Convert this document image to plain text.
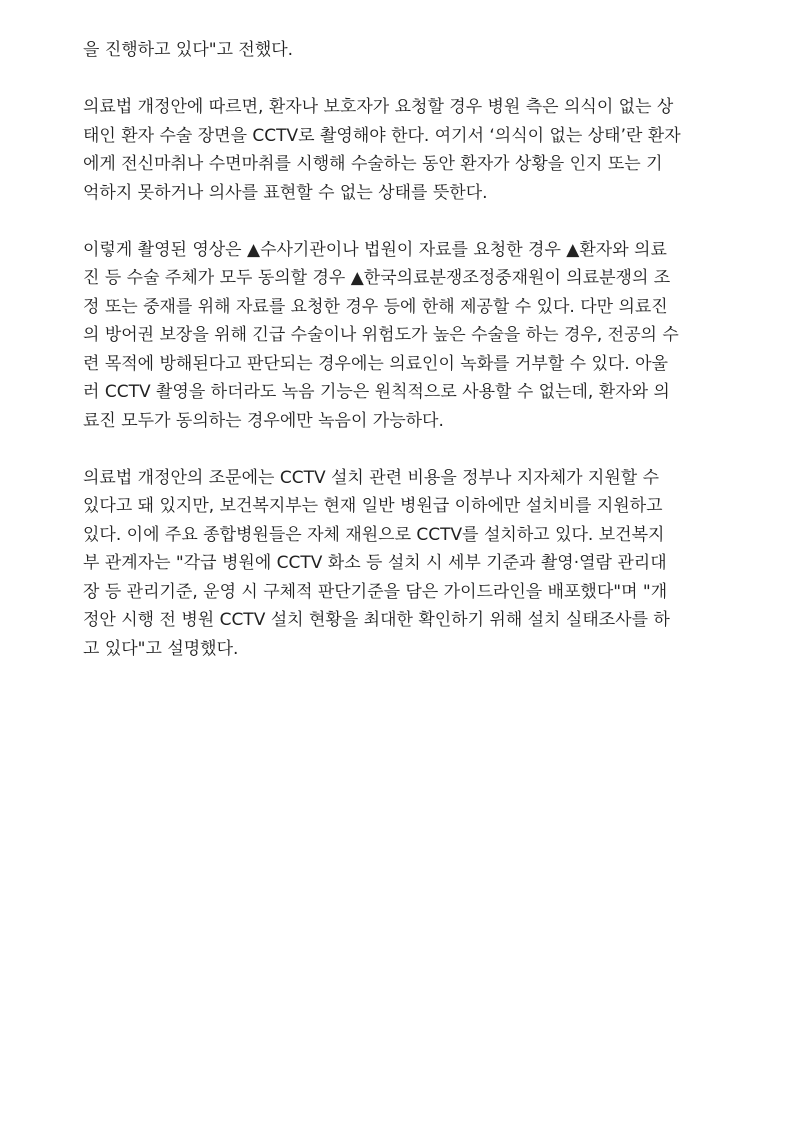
을 진행하고 있다"고 전했다.

의료법 개정안에 따르면, 환자나 보호자가 요청할 경우 병원 측은 의식이 없는 상
태인 환자 수술 장면을 CCTV로 촬영해야 한다. 여기서 ‘의식이 없는 상태’란 환자
에게 전신마취나 수면마취를 시행해 수술하는 동안 환자가 상황을 인지 또는 기
억하지 못하거나 의사를 표현할 수 없는 상태를 뜻한다.

이렇게 촬영된 영상은 ▲수사기관이나 법원이 자료를 요청한 경우 ▲환자와 의료
진 등 수술 주체가 모두 동의할 경우 ▲한국의료분쟁조정중재원이 의료분쟁의 조
정 또는 중재를 위해 자료를 요청한 경우 등에 한해 제공할 수 있다. 다만 의료진
의 방어권 보장을 위해 긴급 수술이나 위험도가 높은 수술을 하는 경우, 전공의 수
련 목적에 방해된다고 판단되는 경우에는 의료인이 녹화를 거부할 수 있다. 아울
러 CCTV 촬영을 하더라도 녹음 기능은 원칙적으로 사용할 수 없는데, 환자와 의
료진 모두가 동의하는 경우에만 녹음이 가능하다.

의료법 개정안의 조문에는 CCTV 설치 관련 비용을 정부나 지자체가 지원할 수
있다고 돼 있지만, 보건복지부는 현재 일반 병원급 이하에만 설치비를 지원하고
있다. 이에 주요 종합병원들은 자체 재원으로 CCTV를 설치하고 있다. 보건복지
부 관계자는 "각급 병원에 CCTV 화소 등 설치 시 세부 기준과 촬영·열람 관리대
장 등 관리기준, 운영 시 구체적 판단기준을 담은 가이드라인을 배포했다"며 "개
정안 시행 전 병원 CCTV 설치 현황을 최대한 확인하기 위해 설치 실태조사를 하
고 있다"고 설명했다.
